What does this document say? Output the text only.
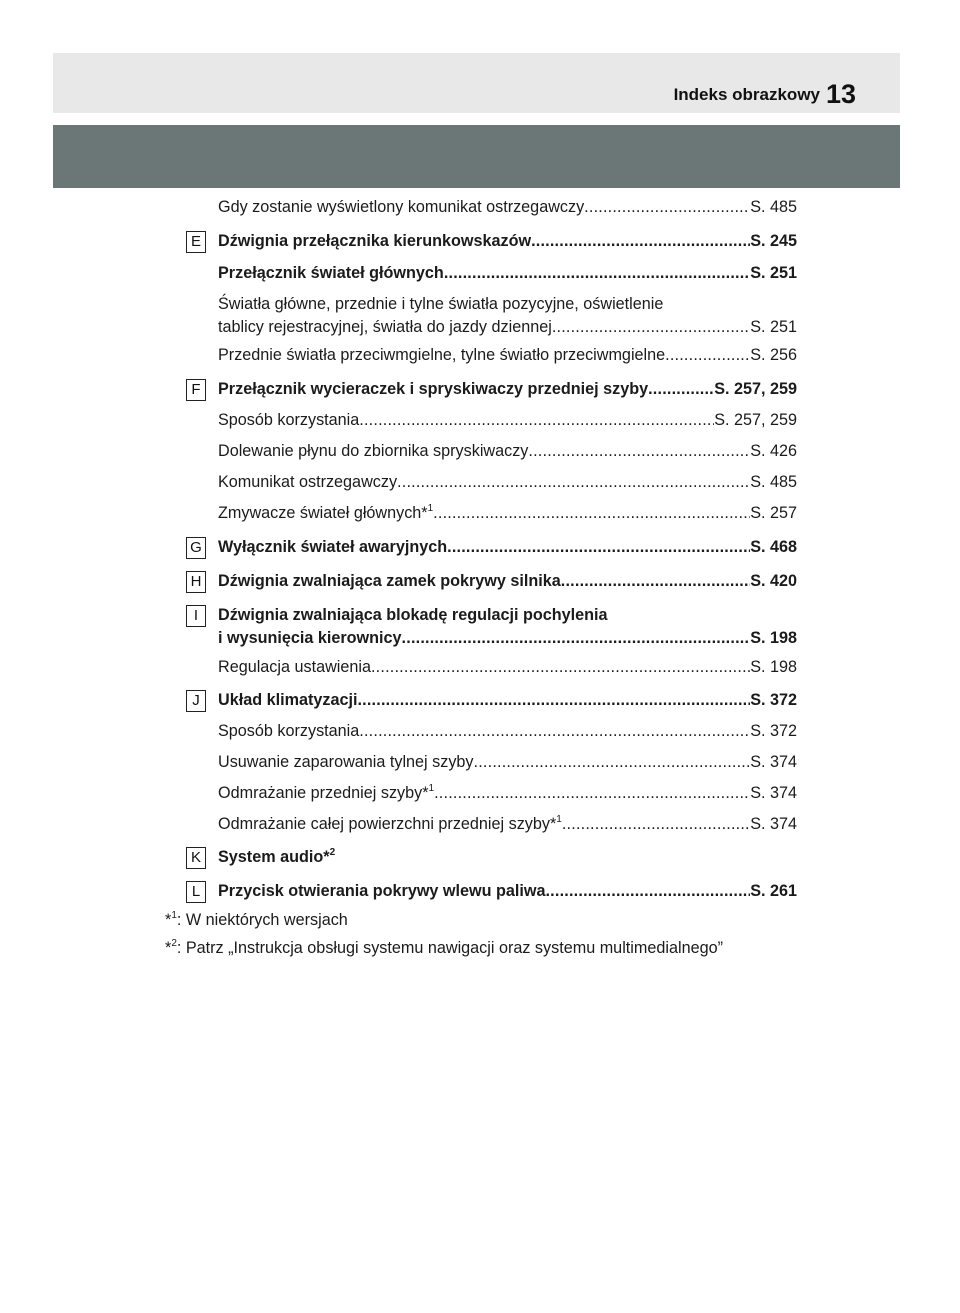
Indeks obrazkowy 13
Gdy zostanie wyświetlony komunikat ostrzegawczy .....	S. 485
E	Dźwignia przełącznika kierunkowskazów .....	S. 245
Przełącznik świateł głównych .....	S. 251
Światła główne, przednie i tylne światła pozycyjne, oświetlenie
tablicy rejestracyjnej, światła do jazdy dziennej .....	S. 251
Przednie światła przeciwmgielne, tylne światło przeciwmgielne .....	S. 256
F	Przełącznik wycieraczek i spryskiwaczy przedniej szyby .....	S. 257, 259
Sposób korzystania .....	S. 257, 259
Dolewanie płynu do zbiornika spryskiwaczy .....	S. 426
Komunikat ostrzegawczy .....	S. 485
Zmywacze świateł głównych*$^1$ .....	S. 257
G Wyłącznik świateł awaryjnych .....	S. 468
H Dźwignia zwalniająca zamek pokrywy silnika .....	S. 420
I	Dźwignia zwalniająca blokadę regulacji pochylenia
i wysunięcia kierownicy .....	S. 198
Regulacja ustawienia .....	S. 198
J	Układ klimatyzacji .....	S. 372
Sposób korzystania .....	S. 372
Usuwanie zaparowania tylnej szyby .....	S. 374
Odmrażanie przedniej szyby*$^1$ .....	S. 374
Odmrażanie całej powierzchni przedniej szyby*$^1$ .....	S. 374
K	System audio*$^2$
L	Przycisk otwierania pokrywy wlewu paliwa .....	S. 261
*$^1$: W niektórych wersjach
*$^2$: Patrz „Instrukcja obsługi systemu nawigacji oraz systemu multimedialnego”
